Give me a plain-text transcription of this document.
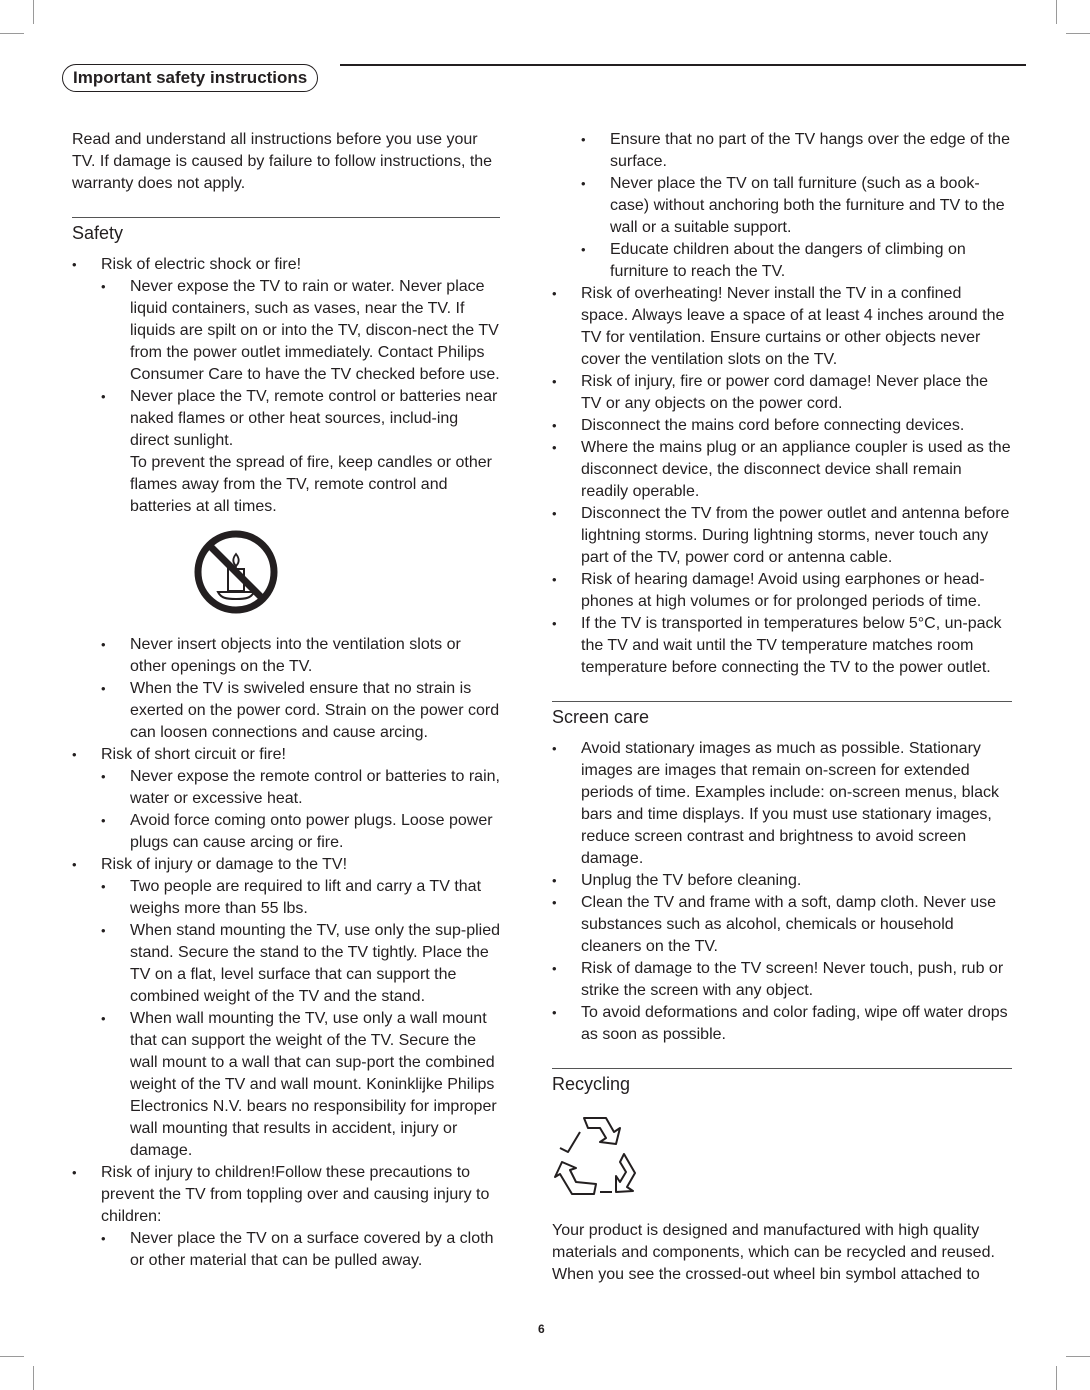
Important safety instructions

Read and understand all instructions before you use your TV. If damage is caused by failure to follow instructions, the warranty does not apply.

Safety
• Risk of electric shock or fire!
• Never expose the TV to rain or water. Never place liquid containers, such as vases, near the TV. If liquids are spilt on or into the TV, discon-nect the TV from the power outlet immediately. Contact Philips Consumer Care to have the TV checked before use.
• Never place the TV, remote control or batteries near naked flames or other heat sources, includ-ing direct sunlight.

To prevent the spread of fire, keep candles or other flames away from the TV, remote control and batteries at all times.

• Never insert objects into the ventilation slots or other openings on the TV.
• When the TV is swiveled ensure that no strain is exerted on the power cord. Strain on the power cord can loosen connections and cause arcing.
• Risk of short circuit or fire!
• Never expose the remote control or batteries to rain, water or excessive heat.
• Avoid force coming onto power plugs. Loose power plugs can cause arcing or fire.
• Risk of injury or damage to the TV!
• Two people are required to lift and carry a TV that weighs more than 55 lbs.
• When stand mounting the TV, use only the sup-plied stand. Secure the stand to the TV tightly. Place the TV on a flat, level surface that can support the combined weight of the TV and the stand.
• When wall mounting the TV, use only a wall mount that can support the weight of the TV. Secure the wall mount to a wall that can sup-port the combined weight of the TV and wall mount. Koninklijke Philips Electronics N.V. bears no responsibility for improper wall mounting that results in accident, injury or damage.
• Risk of injury to children!Follow these precautions to prevent the TV from toppling over and causing injury to children:
• Never place the TV on a surface covered by a cloth or other material that can be pulled away.
• Ensure that no part of the TV hangs over the edge of the surface.
• Never place the TV on tall furniture (such as a book-case) without anchoring both the furniture and TV to the wall or a suitable support.
• Educate children about the dangers of climbing on furniture to reach the TV.
• Risk of overheating! Never install the TV in a confined space. Always leave a space of at least 4 inches around the TV for ventilation. Ensure curtains or other objects never cover the ventilation slots on the TV.
• Risk of injury, fire or power cord damage! Never place the TV or any objects on the power cord.
• Disconnect the mains cord before connecting devices.
• Where the mains plug or an appliance coupler is used as the disconnect device, the disconnect device shall remain readily operable.
• Disconnect the TV from the power outlet and antenna before lightning storms. During lightning storms, never touch any part of the TV, power cord or antenna cable.
• Risk of hearing damage! Avoid using earphones or head-phones at high volumes or for prolonged periods of time.
• If the TV is transported in temperatures below 5°C, un-pack the TV and wait until the TV temperature matches room temperature before connecting the TV to the power outlet.
Screen care
• Avoid stationary images as much as possible. Stationary images are images that remain on-screen for extended periods of time. Examples include: on-screen menus, black bars and time displays. If you must use stationary images, reduce screen contrast and brightness to avoid screen damage.
• Unplug the TV before cleaning.
• Clean the TV and frame with a soft, damp cloth. Never use substances such as alcohol, chemicals or household cleaners on the TV.
• Risk of damage to the TV screen! Never touch, push, rub or strike the screen with any object.
• To avoid deformations and color fading, wipe off water drops as soon as possible.
Recycling

Your product is designed and manufactured with high quality materials and components, which can be recycled and reused. When you see the crossed-out wheel bin symbol attached to

6
